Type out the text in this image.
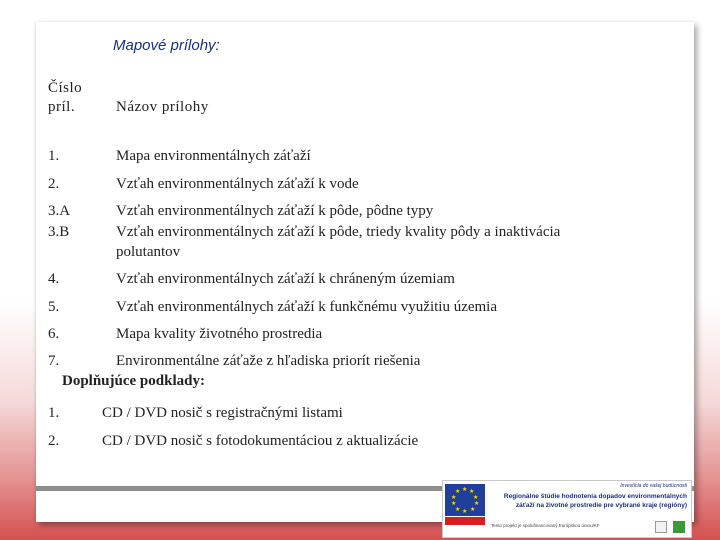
Mapové prílohy:
Číslo
príl.	Názov prílohy
1.	Mapa environmentálnych záťaží
2.	Vzťah environmentálnych záťaží k vode
3.A	Vzťah environmentálnych záťaží k pôde, pôdne typy
3.B	Vzťah environmentálnych záťaží k pôde, triedy kvality pôdy a inaktivácia
polutantov
4.	Vzťah environmentálnych záťaží k chráneným územiam
5.	Vzťah environmentálnych záťaží k funkčnému využitiu územia
6.	Mapa kvality životného prostredia
7.	Environmentálne záťaže z hľadiska priorít riešenia
Doplňujúce podklady:
1.	CD / DVD nosič s registračnými listami
2.	CD / DVD nosič s fotodokumentáciou z aktualizácie
★ ★
★
★
★
★
★
★
★
★
Investícia do vašej budúcnosti
Regionálne štúdie hodnotenia dopadov environmentálnych záťaží na životné prostredie pre vybrané kraje (regióny)
Tento projekt je spolufinancovaný Európskou úniou/KF
